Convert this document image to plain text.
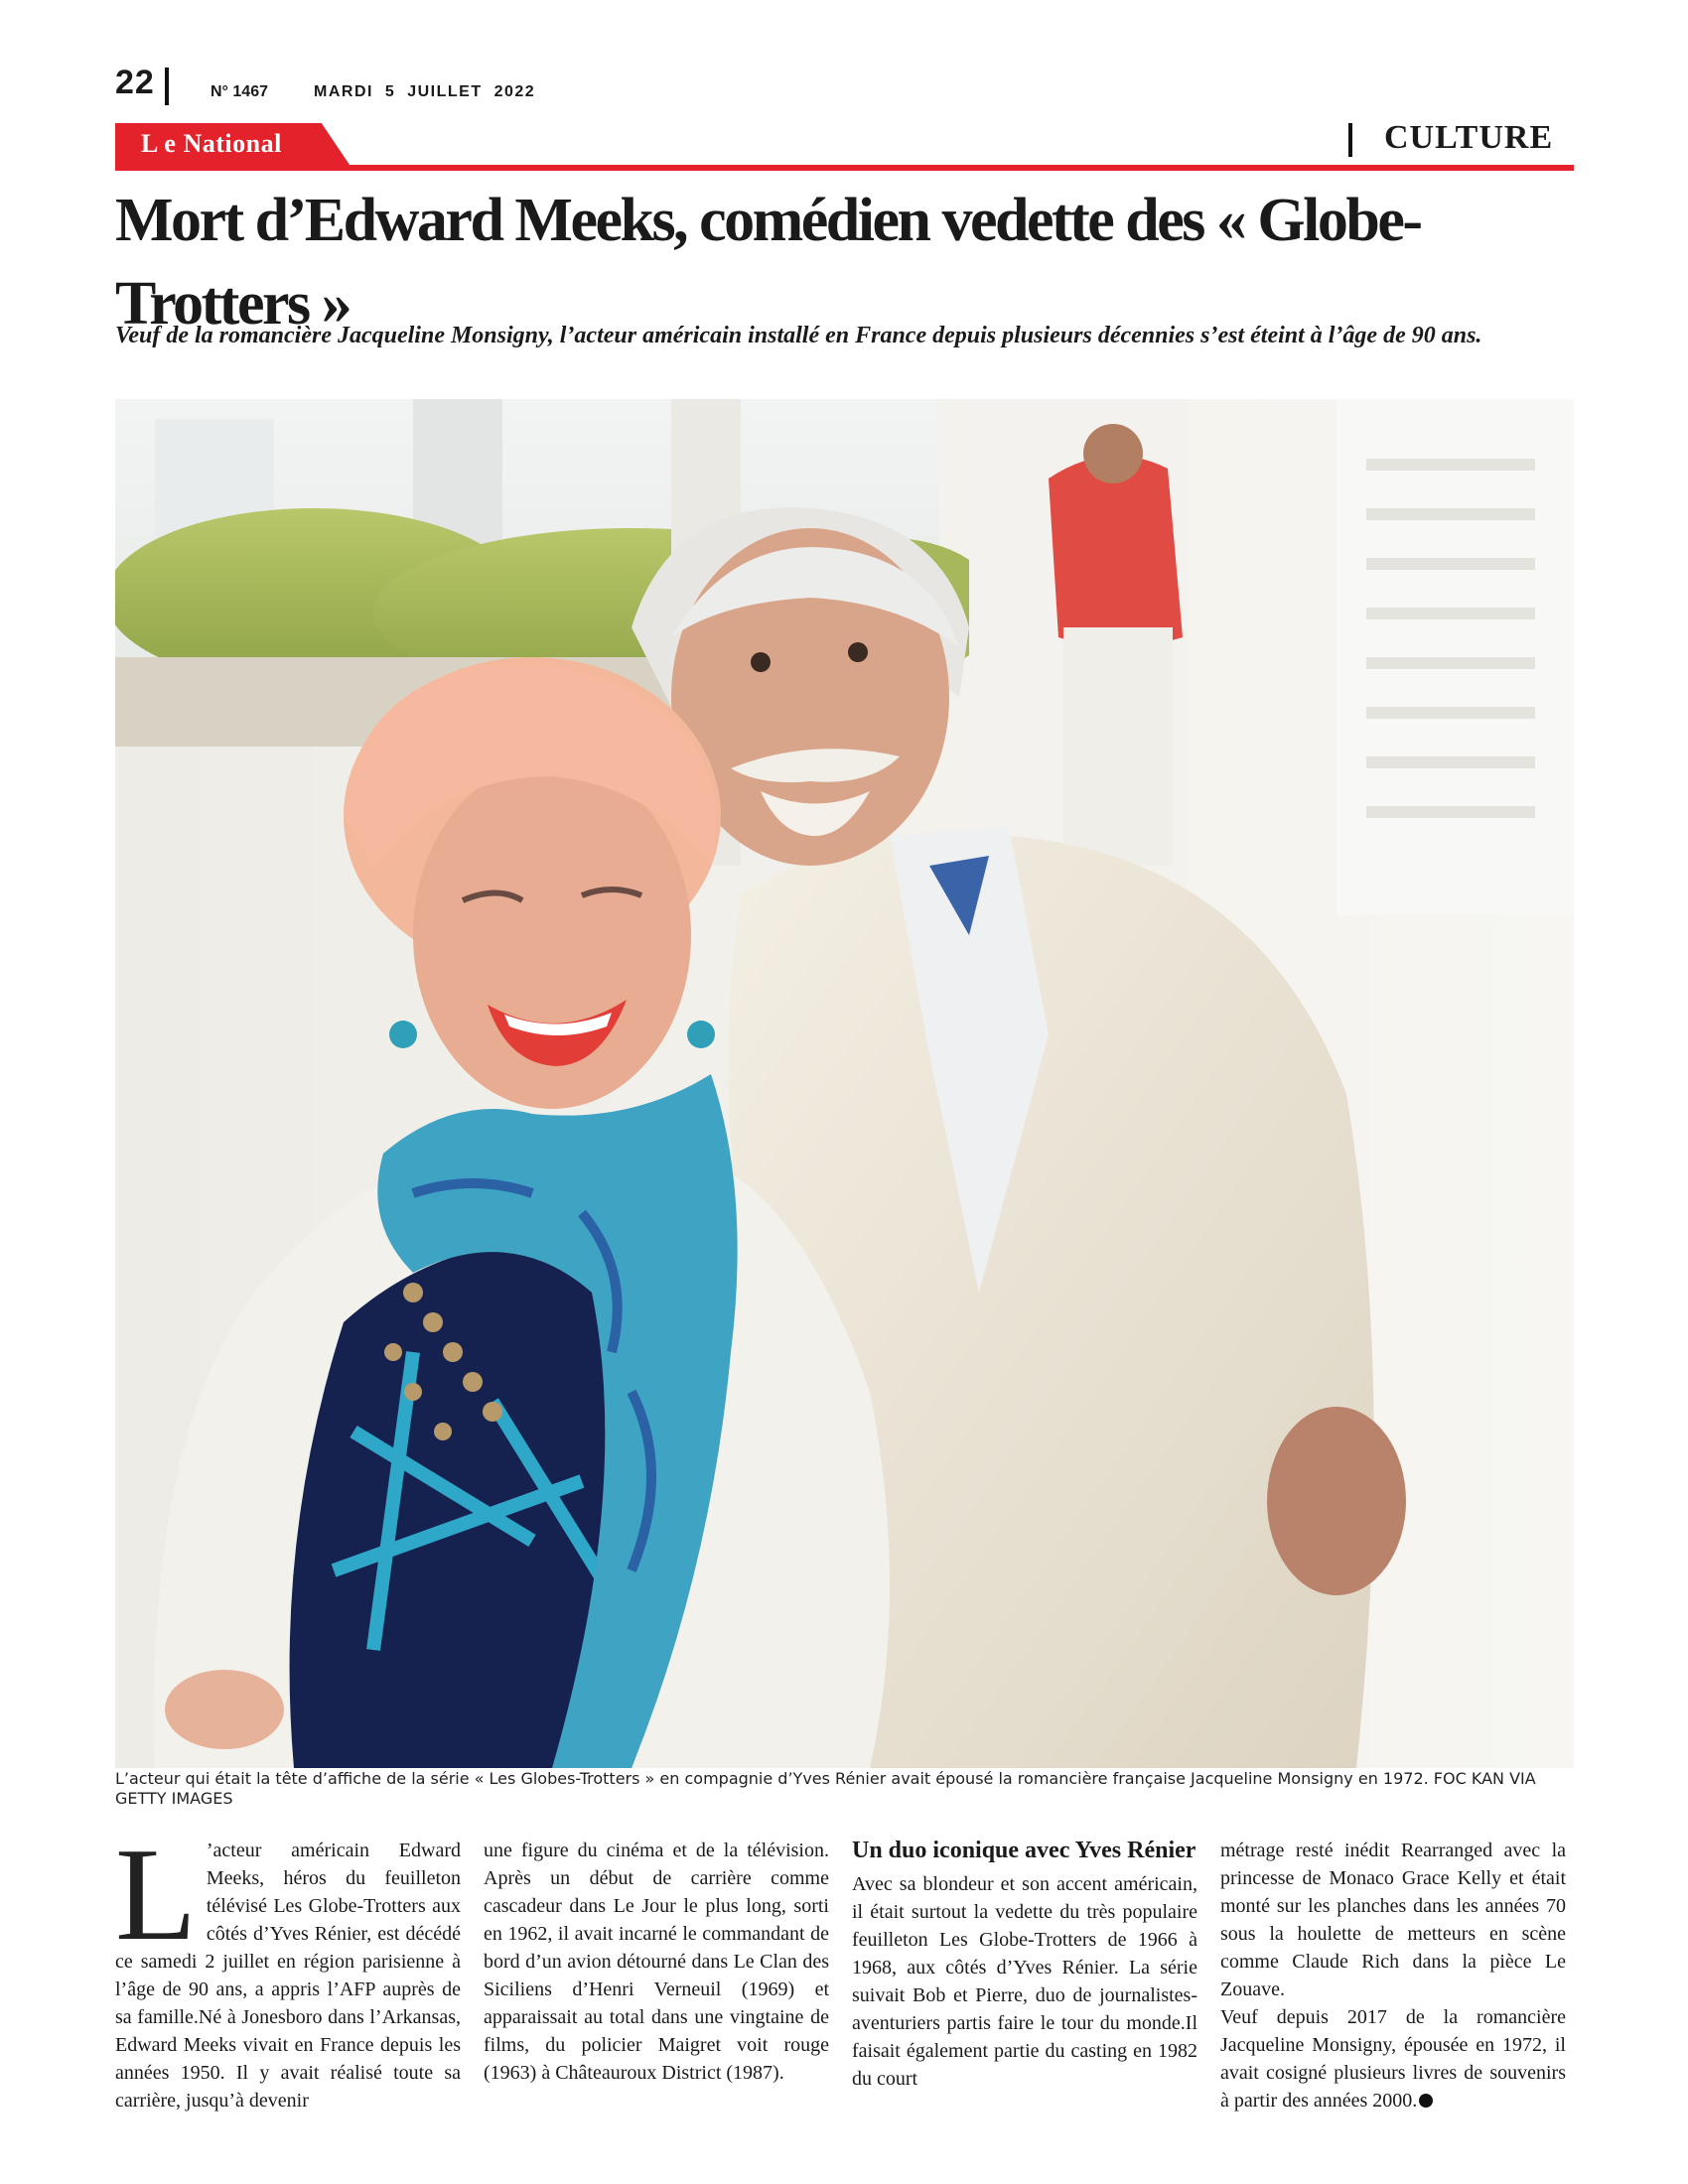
22	N° 1467	MARDI 5 JUILLET 2022
L e National	CULTURE
Mort d’Edward Meeks, comédien vedette des « Globe-Trotters »

Veuf de la romancière Jacqueline Monsigny, l’acteur américain installé en France depuis plusieurs décennies s’est éteint à l’âge de 90 ans.

L’acteur qui était la tête d’affiche de la série « Les Globes-Trotters » en compagnie d’Yves Rénier avait épousé la romancière française Jacqueline Monsigny en 1972. FOC KAN VIA GETTY IMAGES

L ’acteur américain Edward Meeks, héros du feuilleton télévisé Les Globe-Trotters aux côtés d’Yves Rénier, est décédé ce samedi 2 juillet en région parisienne à l’âge de 90 ans, a appris l’AFP auprès de sa famille.Né à Jonesboro dans l’Arkansas, Edward Meeks vivait en France depuis les années 1950. Il y avait réalisé toute sa carrière, jusqu’à devenir
une figure du cinéma et de la télévision. Après un début de carrière comme cascadeur dans Le Jour le plus long, sorti en 1962, il avait incarné le commandant de bord d’un avion détourné dans Le Clan des Siciliens d’Henri Verneuil (1969) et apparaissait au total dans une vingtaine de films, du policier Maigret voit rouge (1963) à Châteauroux District (1987).
Un duo iconique avec Yves Rénier
Avec sa blondeur et son accent américain, il était surtout la vedette du très populaire feuilleton Les Globe-Trotters de 1966 à 1968, aux côtés d’Yves Rénier. La série suivait Bob et Pierre, duo de journalistes-aventuriers partis faire le tour du monde.Il faisait également partie du casting en 1982 du court
métrage resté inédit Rearranged avec la princesse de Monaco Grace Kelly et était monté sur les planches dans les années 70 sous la houlette de metteurs en scène comme Claude Rich dans la pièce Le Zouave.
Veuf depuis 2017 de la romancière Jacqueline Monsigny, épousée en 1972, il avait cosigné plusieurs livres de souvenirs à partir des années 2000.
